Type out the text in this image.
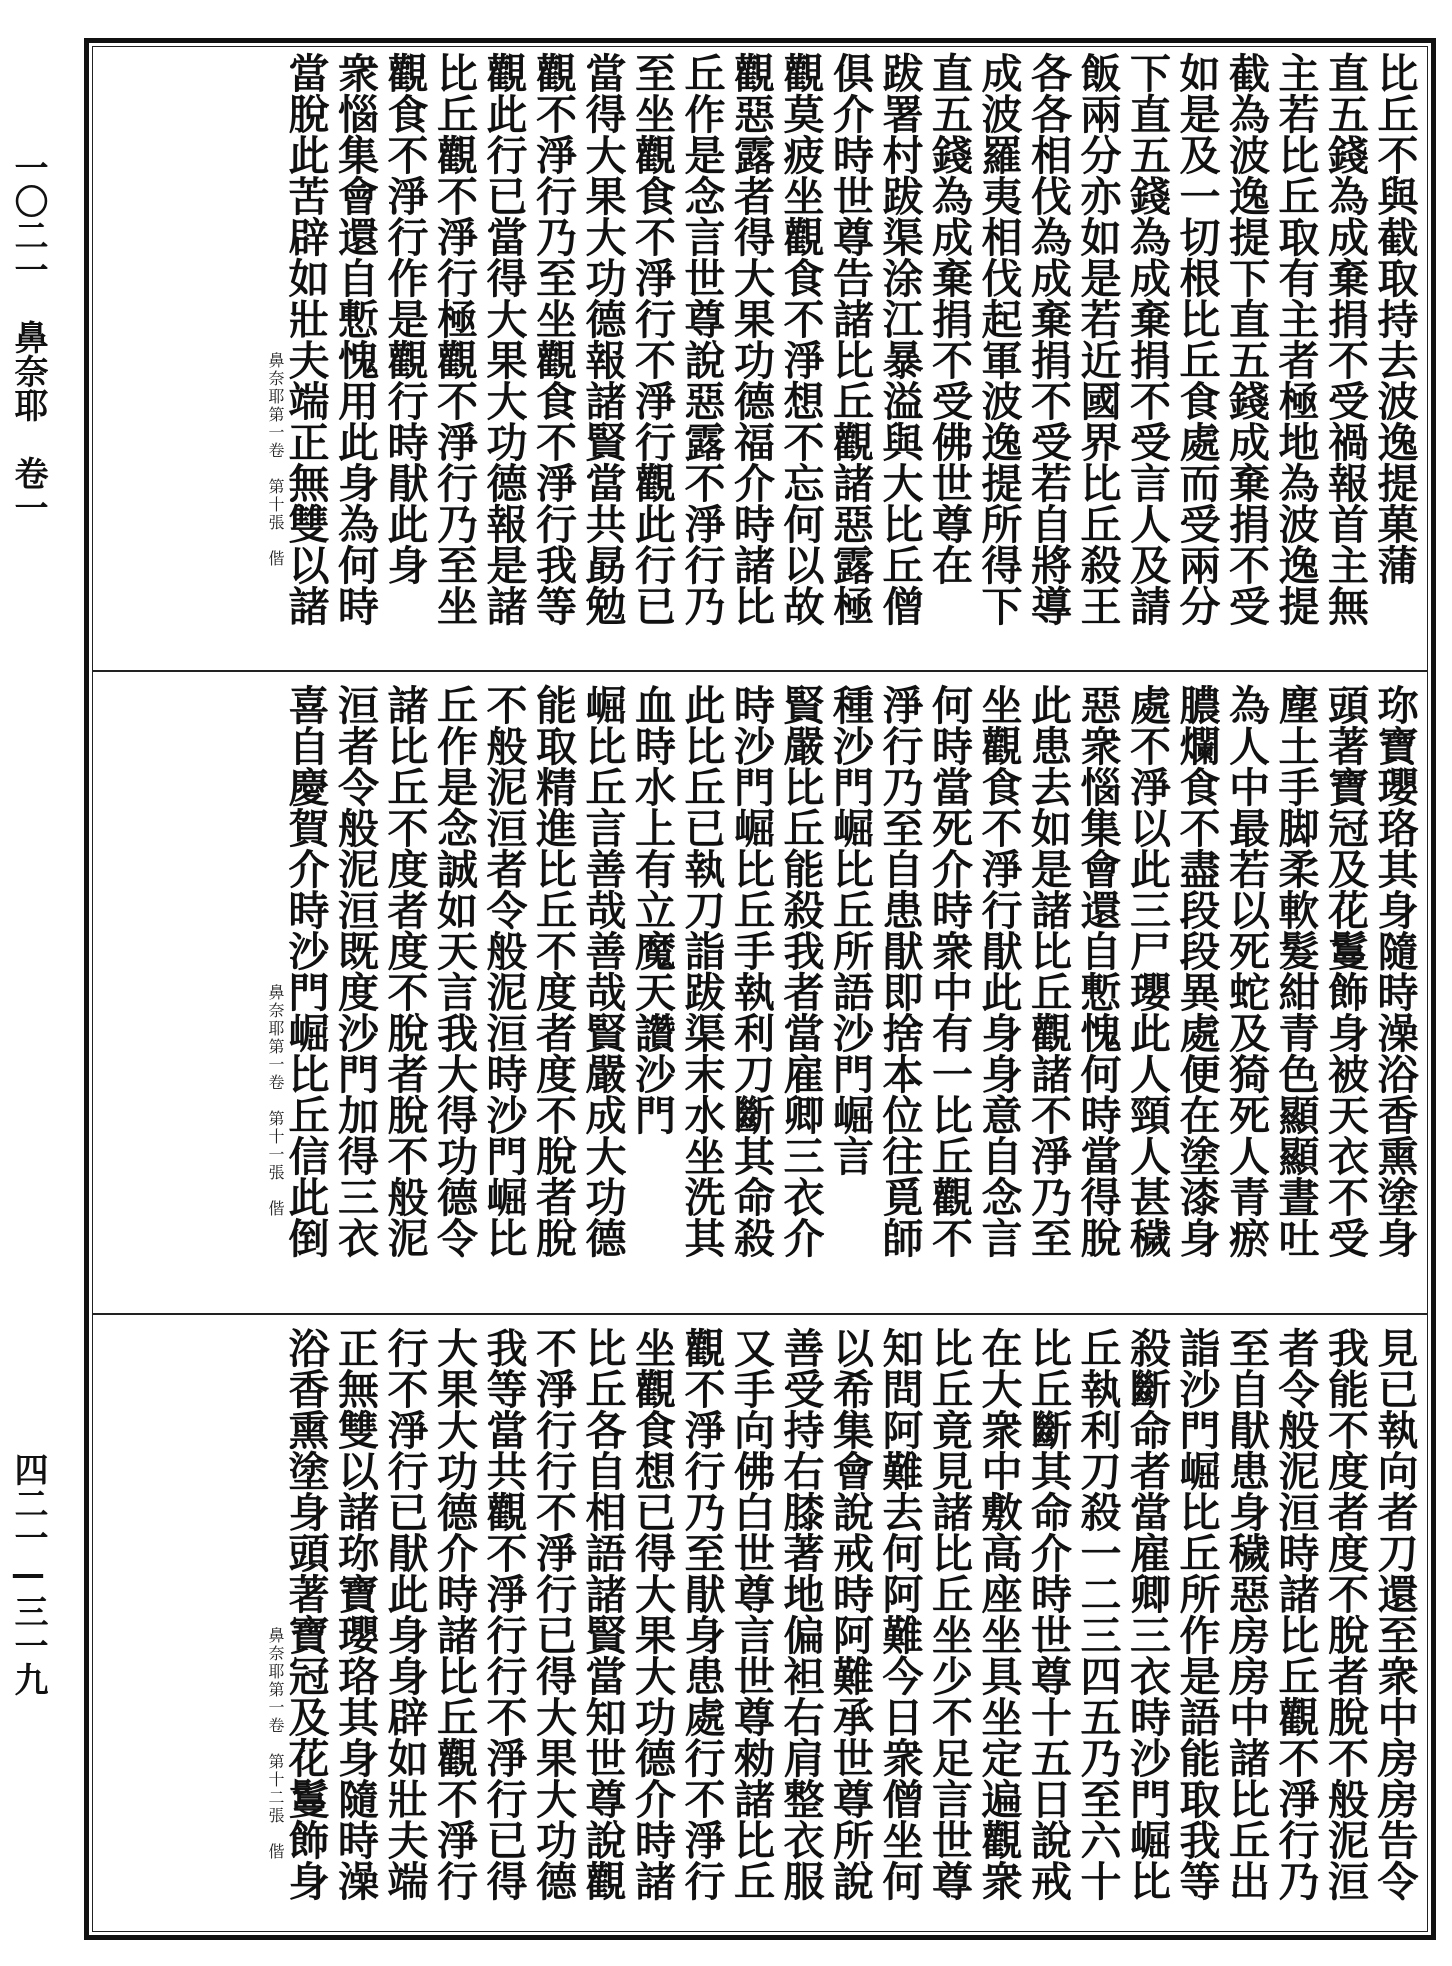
一〇二一　鼻奈耶　卷一
四二一—三一九
比丘不與截取持去波逸提菓蒲
直五錢為成棄捐不受禍報首主無
主若比丘取有主者極地為波逸提
截為波逸提下直五錢成棄捐不受
如是及一切根比丘食處而受兩分
下直五錢為成棄捐不受言人及請
飯兩分亦如是若近國界比丘殺王
各各相伐為成棄捐不受若自將導
成波羅夷相伐起軍波逸提所得下
直五錢為成棄捐不受佛世尊在
跋署村跋渠涂江暴溢與大比丘僧
俱介時世尊告諸比丘觀諸惡露極
觀莫疲坐觀食不淨想不忘何以故
觀惡露者得大果功德福介時諸比
丘作是念言世尊說惡露不淨行乃
至坐觀食不淨行不淨行觀此行已
當得大果大功德報諸賢當共勗勉
觀不淨行乃至坐觀食不淨行我等
觀此行已當得大果大功德報是諸
比丘觀不淨行極觀不淨行乃至坐
觀食不淨行作是觀行時猒此身
衆惱集會還自慙愧用此身為何時
當脫此苦辟如壯夫端正無雙以諸
鼻奈耶第一卷　第十張　偕
珎寶瓔珞其身隨時澡浴香熏塗身
頭著寶冠及花鬘飾身被天衣不受
塵土手脚柔軟髮紺青色顯顯晝吐
為人中最若以死蛇及猗死人青瘀
膿爛食不盡段段異處便在塗漆身
處不淨以此三尸瓔此人頸人甚穢
惡衆惱集會還自慙愧何時當得脫
此患去如是諸比丘觀諸不淨乃至
坐觀食不淨行猒此身身意自念言
何時當死介時衆中有一比丘觀不
淨行乃至自患猒即捨本位往覓師
種沙門崛比丘所語沙門崛言
賢嚴比丘能殺我者當雇卿三衣介
時沙門崛比丘手執利刀斷其命殺
此比丘已執刀詣跋渠末水坐洗其
血時水上有立魔天讚沙門
崛比丘言善哉善哉賢嚴成大功德
能取精進比丘不度者度不脫者脫
不般泥洹者令般泥洹時沙門崛比
丘作是念誠如天言我大得功德令
諸比丘不度者度不脫者脫不般泥
洹者令般泥洹既度沙門加得三衣
喜自慶賀介時沙門崛比丘信此倒
鼻奈耶第一卷　第十一張　偕
見已執向者刀還至衆中房房告令
我能不度者度不脫者脫不般泥洹
者令般泥洹時諸比丘觀不淨行乃
至自猒患身穢惡房房中諸比丘出
詣沙門崛比丘所作是語能取我等
殺斷命者當雇卿三衣時沙門崛比
丘執利刀殺一二三四五乃至六十
比丘斷其命介時世尊十五日說戒
在大衆中敷高座坐具坐定遍觀衆
比丘竟見諸比丘坐少不足言世尊
知問阿難去何阿難今日衆僧坐何
以希集會說戒時阿難承世尊所說
善受持右膝著地偏袒右肩整衣服
又手向佛白世尊言世尊勑諸比丘
觀不淨行乃至猒身患處行不淨行
坐觀食想已得大果大功德介時諸
比丘各自相語諸賢當知世尊說觀
不淨行行不淨行已得大果大功德
我等當共觀不淨行行不淨行已得
大果大功德介時諸比丘觀不淨行
行不淨行已猒此身身辟如壯夫端
正無雙以諸珎寶瓔珞其身隨時澡
浴香熏塗身頭著寶冠及花鬘飾身
鼻奈耶第一卷　第十二張　偕
